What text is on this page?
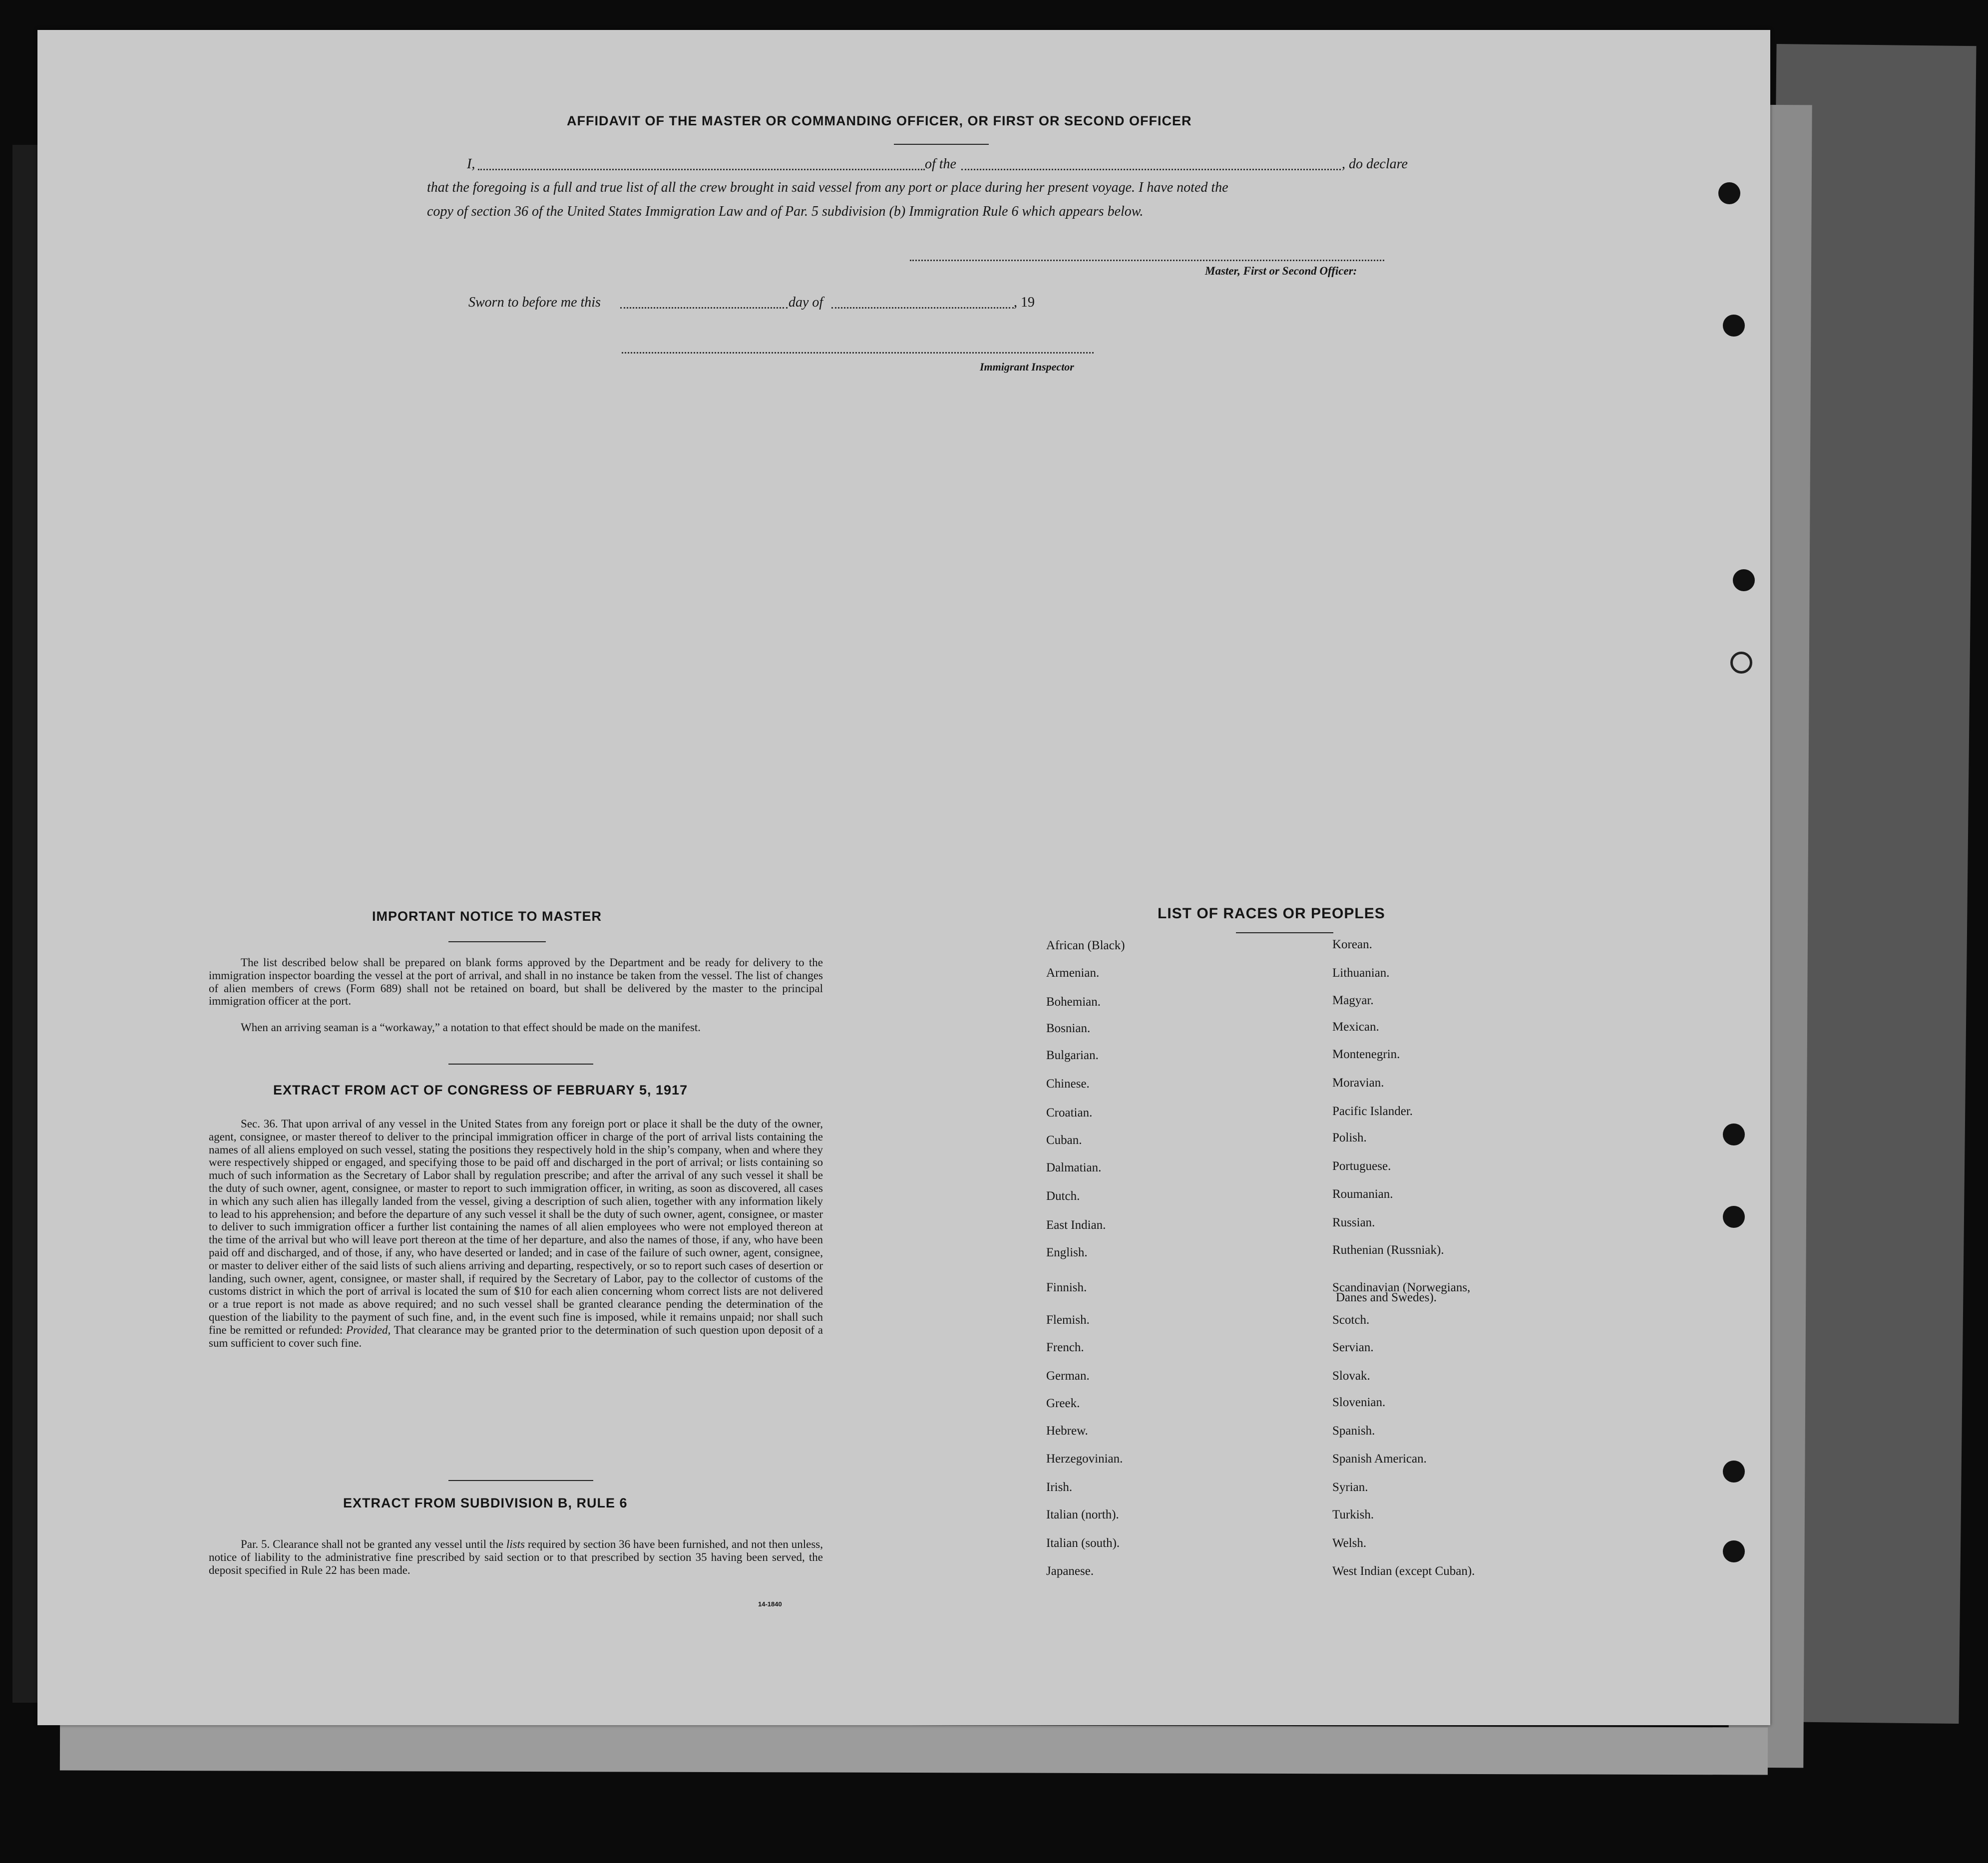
AFFIDAVIT OF THE MASTER OR COMMANDING OFFICER, OR FIRST OR SECOND OFFICER
I,	of the	, do declare
that the foregoing is a full and true list of all the crew brought in said vessel from any port or place during her present voyage. I have noted the
copy of section 36 of the United States Immigration Law and of Par. 5 subdivision (b) Immigration Rule 6 which appears below.
Master, First or Second Officer:
Sworn to before me this	day of	, 19
Immigrant Inspector
IMPORTANT NOTICE TO MASTER

The list described below shall be prepared on blank forms approved by the Department and be ready for delivery to the immigration inspector boarding the vessel at the port of arrival, and shall in no instance be taken from the vessel. The list of changes of alien members of crews (Form 689) shall not be retained on board, but shall be delivered by the master to the principal immigration officer at the port.

When an arriving seaman is a “workaway,” a notation to that effect should be made on the manifest.

EXTRACT FROM ACT OF CONGRESS OF FEBRUARY 5, 1917

Sec. 36. That upon arrival of any vessel in the United States from any foreign port or place it shall be the duty of the owner, agent, consignee, or master thereof to deliver to the principal immigration officer in charge of the port of arrival lists containing the names of all aliens employed on such vessel, stating the positions they respectively hold in the ship’s company, when and where they were respectively shipped or engaged, and specifying those to be paid off and discharged in the port of arrival; or lists containing so much of such information as the Secretary of Labor shall by regulation prescribe; and after the arrival of any such vessel it shall be the duty of such owner, agent, consignee, or master to report to such immigration officer, in writing, as soon as discovered, all cases in which any such alien has illegally landed from the vessel, giving a description of such alien, together with any information likely to lead to his apprehension; and before the departure of any such vessel it shall be the duty of such owner, agent, consignee, or master to deliver to such immigration officer a further list containing the names of all alien employees who were not employed thereon at the time of the arrival but who will leave port thereon at the time of her departure, and also the names of those, if any, who have been paid off and discharged, and of those, if any, who have deserted or landed; and in case of the failure of such owner, agent, consignee, or master to deliver either of the said lists of such aliens arriving and departing, respectively, or so to report such cases of desertion or landing, such owner, agent, consignee, or master shall, if required by the Secretary of Labor, pay to the collector of customs of the customs district in which the port of arrival is located the sum of $10 for each alien concerning whom correct lists are not delivered or a true report is not made as above required; and no such vessel shall be granted clearance pending the determination of the question of the liability to the payment of such fine, and, in the event such fine is imposed, while it remains unpaid; nor shall such fine be remitted or refunded: Provided, That clearance may be granted prior to the determination of such question upon deposit of a sum sufficient to cover such fine.

EXTRACT FROM SUBDIVISION B, RULE 6

Par. 5. Clearance shall not be granted any vessel until the lists required by section 36 have been furnished, and not then unless, notice of liability to the administrative fine prescribed by said section or to that prescribed by section 35 having been served, the deposit specified in Rule 22 has been made.

14-1840
LIST OF RACES OR PEOPLES
Danes and Swedes).
African (Black)
Armenian.
Bohemian.
Bosnian.
Bulgarian.
Chinese.
Croatian.
Cuban.
Dalmatian.
Dutch.
East Indian.
English.
Finnish.
Flemish.
French.
German.
Greek.
Hebrew.
Herzegovinian.
Irish.
Italian (north).
Italian (south).
Japanese.
Korean.
Lithuanian.
Magyar.
Mexican.
Montenegrin.
Moravian.
Pacific Islander.
Polish.
Portuguese.
Roumanian.
Russian.
Ruthenian (Russniak).
Scandinavian (Norwegians,
Scotch.
Servian.
Slovak.
Slovenian.
Spanish.
Spanish American.
Syrian.
Turkish.
Welsh.
West Indian (except Cuban).
